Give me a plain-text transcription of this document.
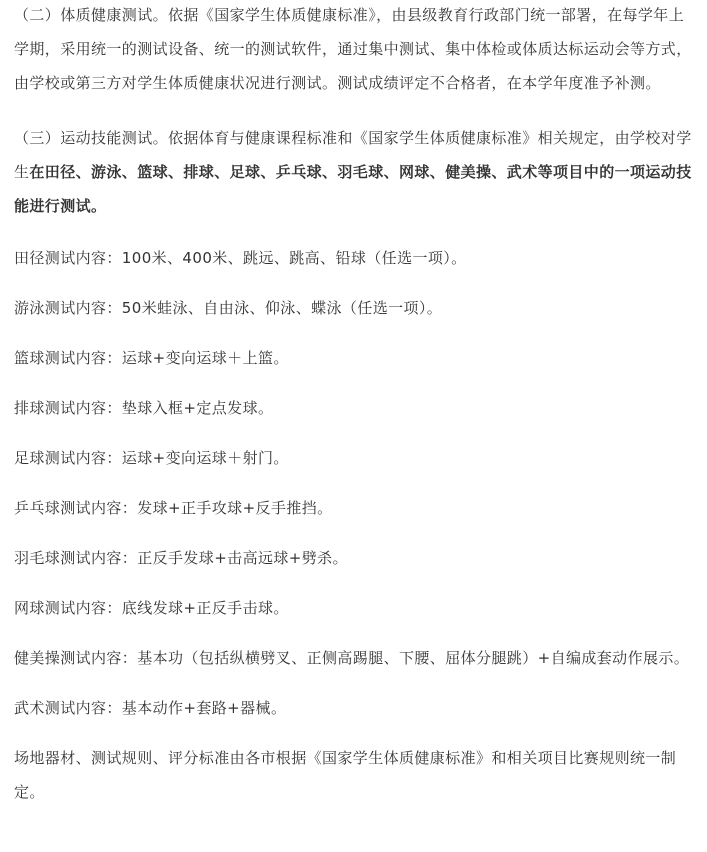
（二）体质健康测试。依据《国家学生体质健康标准》，由县级教育行政部门统一部署，在每学年上学期，采用统一的测试设备、统一的测试软件，通过集中测试、集中体检或体质达标运动会等方式，由学校或第三方对学生体质健康状况进行测试。测试成绩评定不合格者，在本学年度准予补测。

（三）运动技能测试。依据体育与健康课程标准和《国家学生体质健康标准》相关规定，由学校对学生在田径、游泳、篮球、排球、足球、乒乓球、羽毛球、网球、健美操、武术等项目中的一项运动技能进行测试。

田径测试内容：100米、400米、跳远、跳高、铅球（任选一项）。

游泳测试内容：50米蛙泳、自由泳、仰泳、蝶泳（任选一项）。

篮球测试内容：运球+变向运球＋上篮。

排球测试内容：垫球入框+定点发球。

足球测试内容：运球+变向运球＋射门。

乒乓球测试内容：发球+正手攻球+反手推挡。

羽毛球测试内容：正反手发球+击高远球+劈杀。

网球测试内容：底线发球+正反手击球。

健美操测试内容：基本功（包括纵横劈叉、正侧高踢腿、下腰、屈体分腿跳）+自编成套动作展示。

武术测试内容：基本动作+套路+器械。

场地器材、测试规则、评分标准由各市根据《国家学生体质健康标准》和相关项目比赛规则统一制定。
